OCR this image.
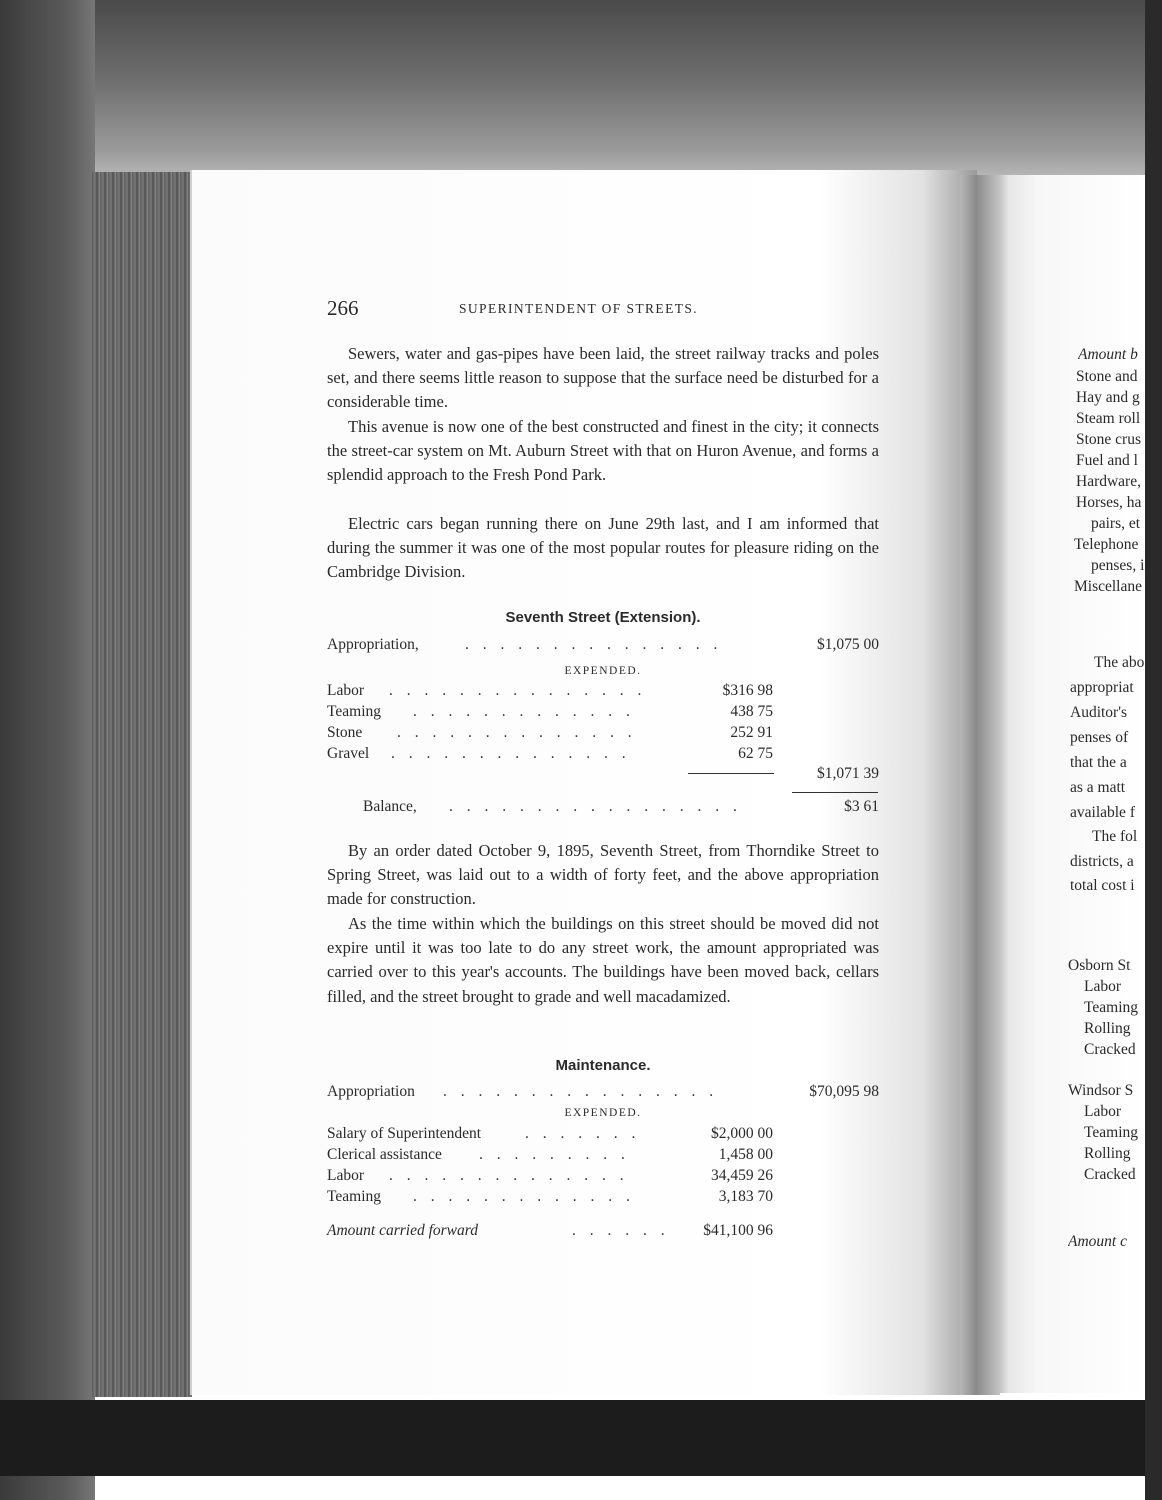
266	SUPERINTENDENT OF STREETS.

Sewers, water and gas-pipes have been laid, the street railway tracks and poles set, and there seems little reason to suppose that the surface need be disturbed for a considerable time.

This avenue is now one of the best constructed and finest in the city; it connects the street-car system on Mt. Auburn Street with that on Huron Avenue, and forms a splendid approach to the Fresh Pond Park.

Electric cars began running there on June 29th last, and I am informed that during the summer it was one of the most popular routes for pleasure riding on the Cambridge Division.

Seventh Street (Extension).
Appropriation,	. . . . . . . . . . . . . . .	$1,075 00
EXPENDED.
Labor . . . . . . . . . . . . . . .	$316 98
Teaming . . . . . . . . . . . . .	438 75
Stone . . . . . . . . . . . . . .	252 91
Gravel . . . . . . . . . . . . . .	62 75
$1,071 39
Balance, . . . . . . . . . . . . . . . . .	$3 61

By an order dated October 9, 1895, Seventh Street, from Thorndike Street to Spring Street, was laid out to a width of forty feet, and the above appropriation made for construction.

As the time within which the buildings on this street should be moved did not expire until it was too late to do any street work, the amount appropriated was carried over to this year's accounts. The buildings have been moved back, cellars filled, and the street brought to grade and well macadamized.

Maintenance.
Appropriation . . . . . . . . . . . . . . . .	$70,095 98
EXPENDED.
Salary of Superintendent	. . . . . . .	$2,000 00
Clerical assistance . . . . . . . . .	1,458 00
Labor . . . . . . . . . . . . . .	34,459 26
Teaming . . . . . . . . . . . . .	3,183 70
Amount carried forward	. . . . . .	$41,100 96
Amount b
Stone and
Hay and g
Steam roll
Stone crus
Fuel and l
Hardware,
Horses, ha
pairs, et
Telephone
penses, i
Miscellane
The abo
appropriat
Auditor's
penses of
that the a
as a matt
available f
The fol
districts, a
total cost i
Osborn St
Labor
Teaming
Rolling
Cracked
Windsor S
Labor
Teaming
Rolling
Cracked
Amount c
